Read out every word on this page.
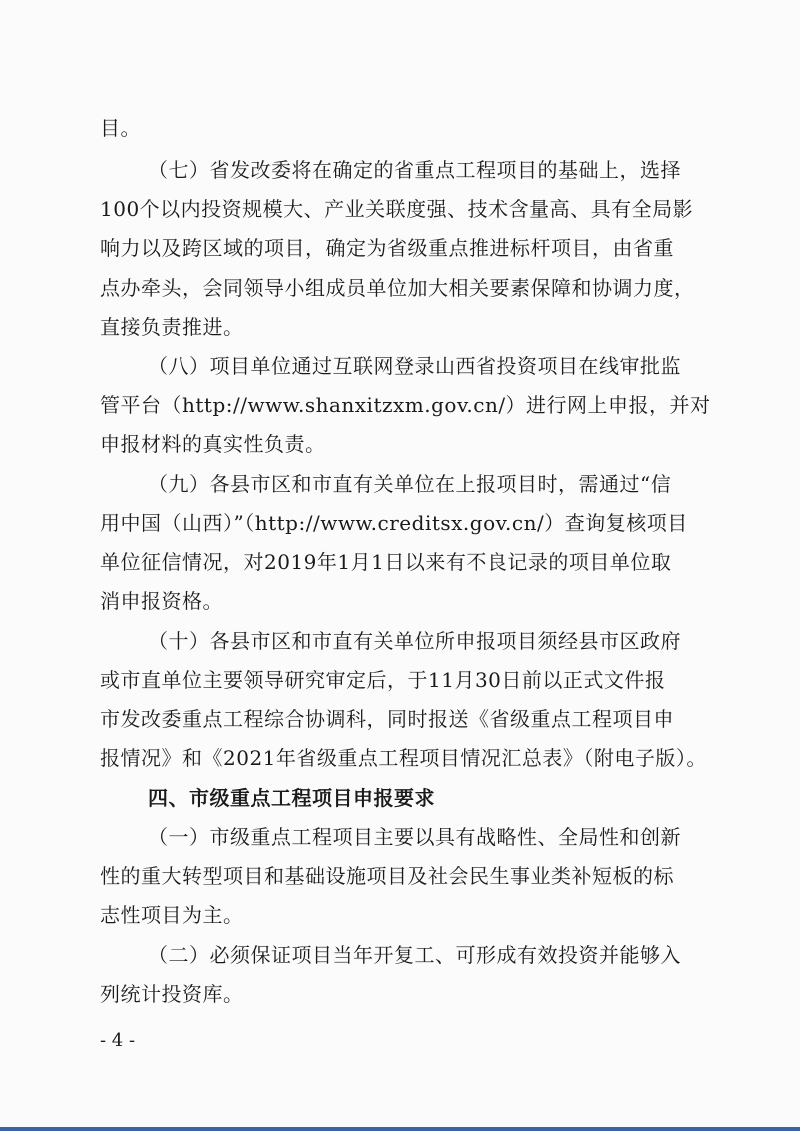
目。
（七）省发改委将在确定的省重点工程项目的基础上，选择
100个以内投资规模大、产业关联度强、技术含量高、具有全局影
响力以及跨区域的项目，确定为省级重点推进标杆项目，由省重
点办牵头，会同领导小组成员单位加大相关要素保障和协调力度，
直接负责推进。
（八）项目单位通过互联网登录山西省投资项目在线审批监
管平台（http://www.shanxitzxm.gov.cn/）进行网上申报，并对
申报材料的真实性负责。
（九）各县市区和市直有关单位在上报项目时，需通过“信
用中国（山西）”（http://www.creditsx.gov.cn/）查询复核项目
单位征信情况，对2019年1月1日以来有不良记录的项目单位取
消申报资格。
（十）各县市区和市直有关单位所申报项目须经县市区政府
或市直单位主要领导研究审定后，于11月30日前以正式文件报
市发改委重点工程综合协调科，同时报送《省级重点工程项目申
报情况》和《2021年省级重点工程项目情况汇总表》（附电子版）。
四、市级重点工程项目申报要求
（一）市级重点工程项目主要以具有战略性、全局性和创新
性的重大转型项目和基础设施项目及社会民生事业类补短板的标
志性项目为主。
（二）必须保证项目当年开复工、可形成有效投资并能够入
列统计投资库。
- 4 -
